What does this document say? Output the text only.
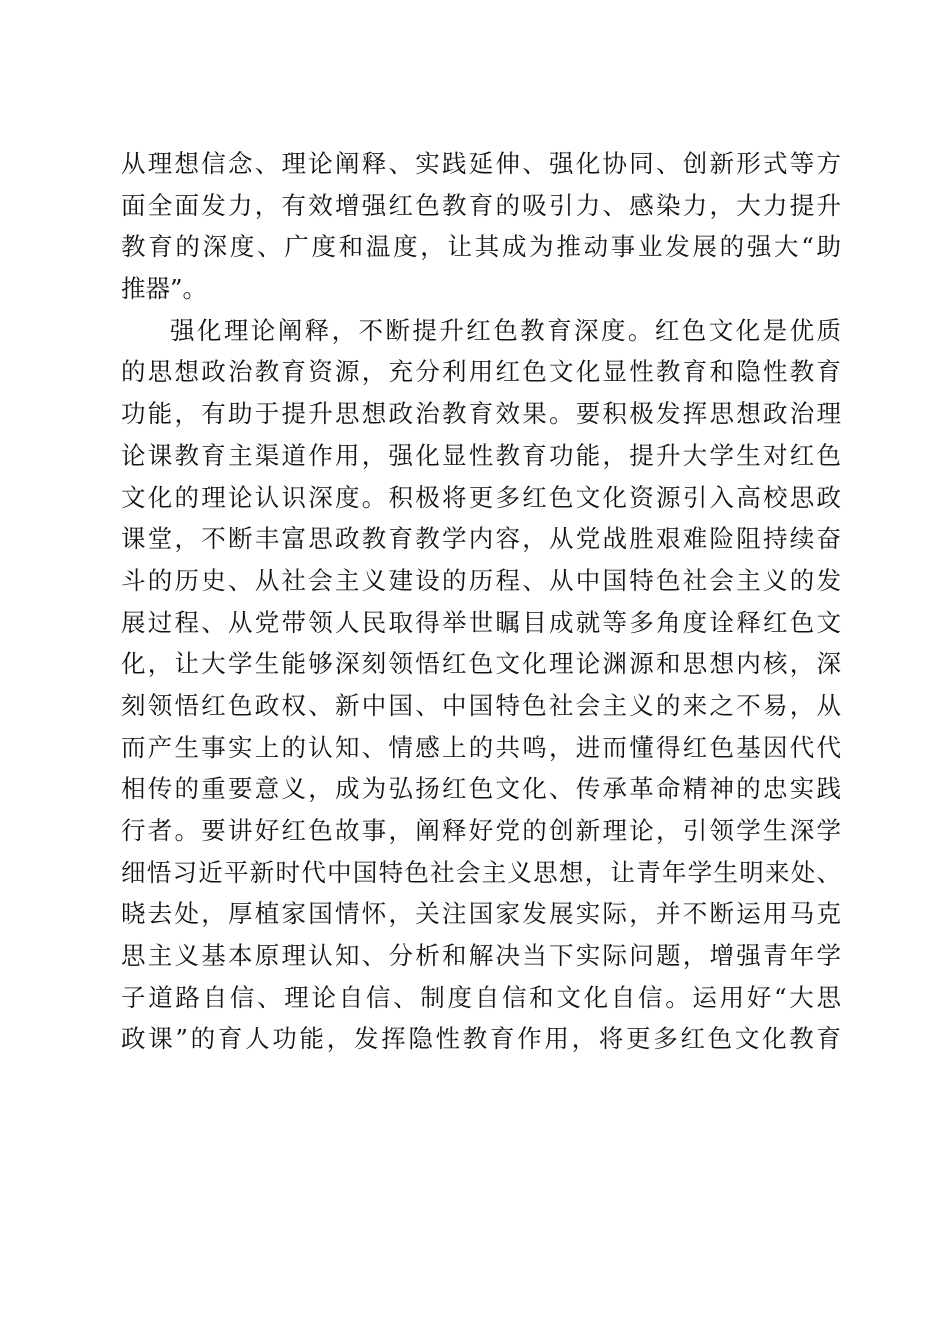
从理想信念、理论阐释、实践延伸、强化协同、创新形式等方
面全面发力，有效增强红色教育的吸引力、感染力，大力提升
教育的深度、广度和温度，让其成为推动事业发展的强大“助
推器”。
强化理论阐释，不断提升红色教育深度。红色文化是优质
的思想政治教育资源，充分利用红色文化显性教育和隐性教育
功能，有助于提升思想政治教育效果。要积极发挥思想政治理
论课教育主渠道作用，强化显性教育功能，提升大学生对红色
文化的理论认识深度。积极将更多红色文化资源引入高校思政
课堂，不断丰富思政教育教学内容，从党战胜艰难险阻持续奋
斗的历史、从社会主义建设的历程、从中国特色社会主义的发
展过程、从党带领人民取得举世瞩目成就等多角度诠释红色文
化，让大学生能够深刻领悟红色文化理论渊源和思想内核，深
刻领悟红色政权、新中国、中国特色社会主义的来之不易，从
而产生事实上的认知、情感上的共鸣，进而懂得红色基因代代
相传的重要意义，成为弘扬红色文化、传承革命精神的忠实践
行者。要讲好红色故事，阐释好党的创新理论，引领学生深学
细悟习近平新时代中国特色社会主义思想，让青年学生明来处、
晓去处，厚植家国情怀，关注国家发展实际，并不断运用马克
思主义基本原理认知、分析和解决当下实际问题，增强青年学
子道路自信、理论自信、制度自信和文化自信。运用好“大思
政课”的育人功能，发挥隐性教育作用，将更多红色文化教育
